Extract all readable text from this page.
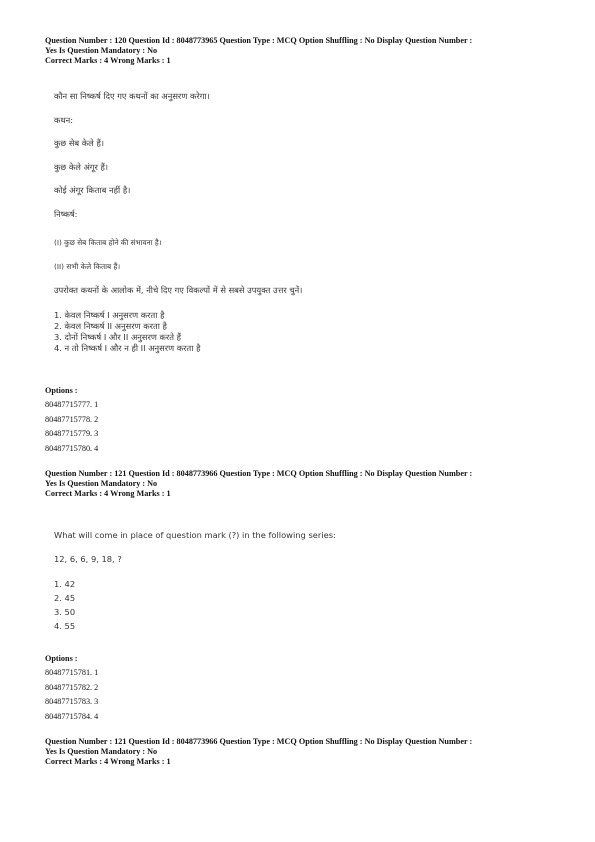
Question Number : 120 Question Id : 8048773965 Question Type : MCQ Option Shuffling : No Display Question Number :
Yes Is Question Mandatory : No
Correct Marks : 4 Wrong Marks : 1
कौन सा निष्कर्ष दिए गए कथनों का अनुसरण करेगा।
कथन:
कुछ सेब केले हैं।
कुछ केले अंगूर हैं।
कोई अंगूर किताब नहीं है।
निष्कर्ष:
(I) कुछ सेब किताब होने की संभावना है।
(II) सभी केले किताब हैं।
उपरोक्त कथनों के आलोक में, नीचे दिए गए विकल्पों में से सबसे उपयुक्त उत्तर चुनें।
1. केवल निष्कर्ष I अनुसरण करता है
2. केवल निष्कर्ष II अनुसरण करता है
3. दोनों निष्कर्ष I और II अनुसरण करते हैं
4. न तो निष्कर्ष I और न ही II अनुसरण करता है
Options :
80487715777. 1
80487715778. 2
80487715779. 3
80487715780. 4
Question Number : 121 Question Id : 8048773966 Question Type : MCQ Option Shuffling : No Display Question Number :
Yes Is Question Mandatory : No
Correct Marks : 4 Wrong Marks : 1
What will come in place of question mark (?) in the following series:
12, 6, 6, 9, 18, ?
1. 42
2. 45
3. 50
4. 55
Options :
80487715781. 1
80487715782. 2
80487715783. 3
80487715784. 4
Question Number : 121 Question Id : 8048773966 Question Type : MCQ Option Shuffling : No Display Question Number :
Yes Is Question Mandatory : No
Correct Marks : 4 Wrong Marks : 1
